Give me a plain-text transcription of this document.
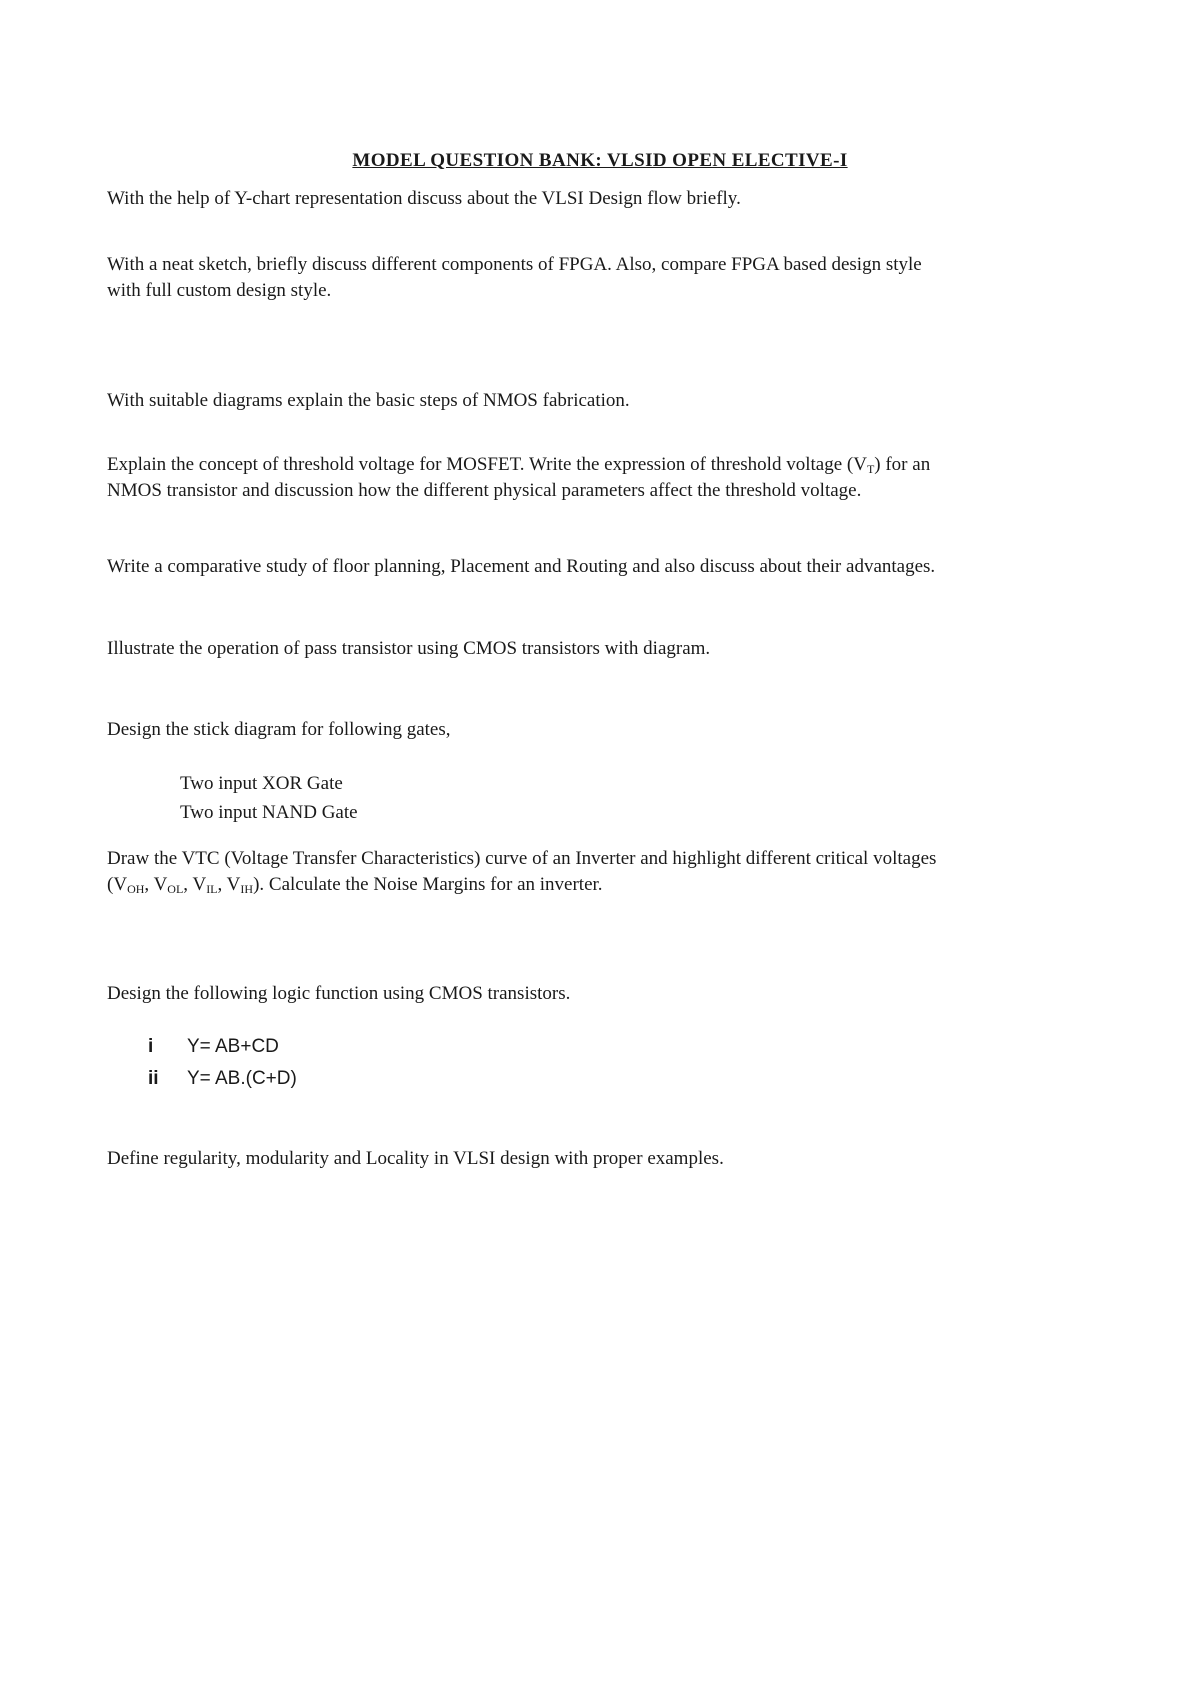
MODEL QUESTION BANK: VLSID OPEN ELECTIVE-I

With the help of Y-chart representation discuss about the VLSI Design flow briefly.

With a neat sketch, briefly discuss different components of FPGA. Also, compare FPGA based design style

with full custom design style.

With suitable diagrams explain the basic steps of NMOS fabrication.

Explain the concept of threshold voltage for MOSFET. Write the expression of threshold voltage $(V_T)$ for an

NMOS transistor and discussion how the different physical parameters affect the threshold voltage.

Write a comparative study of floor planning, Placement and Routing and also discuss about their advantages.

Illustrate the operation of pass transistor using CMOS transistors with diagram.

Design the stick diagram for following gates,

Two input XOR Gate

Two input NAND Gate

Draw the VTC (Voltage Transfer Characteristics) curve of an Inverter and highlight different critical voltages

($V_{OH}$, $V_{OL}$, $V_{IL}$, $V_{IH}$). Calculate the Noise Margins for an inverter.

Design the following logic function using CMOS transistors.

i Y= AB+CD

ii Y= AB.(C+D)

Define regularity, modularity and Locality in VLSI design with proper examples.
